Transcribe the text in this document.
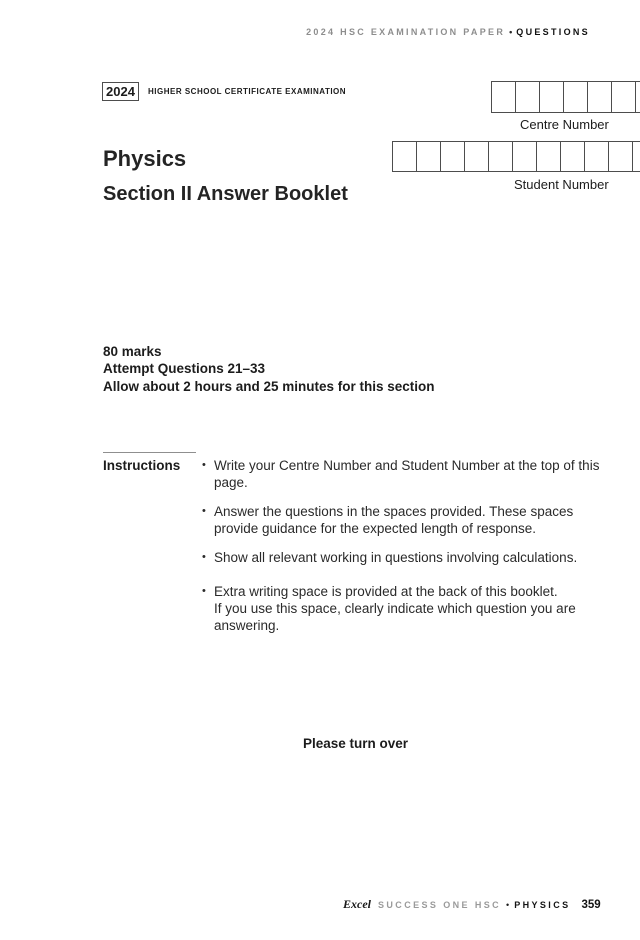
2024 HSC EXAMINATION PAPER • QUESTIONS
2024 HIGHER SCHOOL CERTIFICATE EXAMINATION

Centre Number

Student Number
Physics
Section II Answer Booklet
80 marks
Attempt Questions 21–33
Allow about 2 hours and 25 minutes for this section
Instructions • Write your Centre Number and Student Number at the top of this
page.
• Answer the questions in the spaces provided. These spaces
provide guidance for the expected length of response.
• Show all relevant working in questions involving calculations.
• Extra writing space is provided at the back of this booklet.
If you use this space, clearly indicate which question you are
answering.
Please turn over
Excel SUCCESS ONE HSC • PHYSICS 359
